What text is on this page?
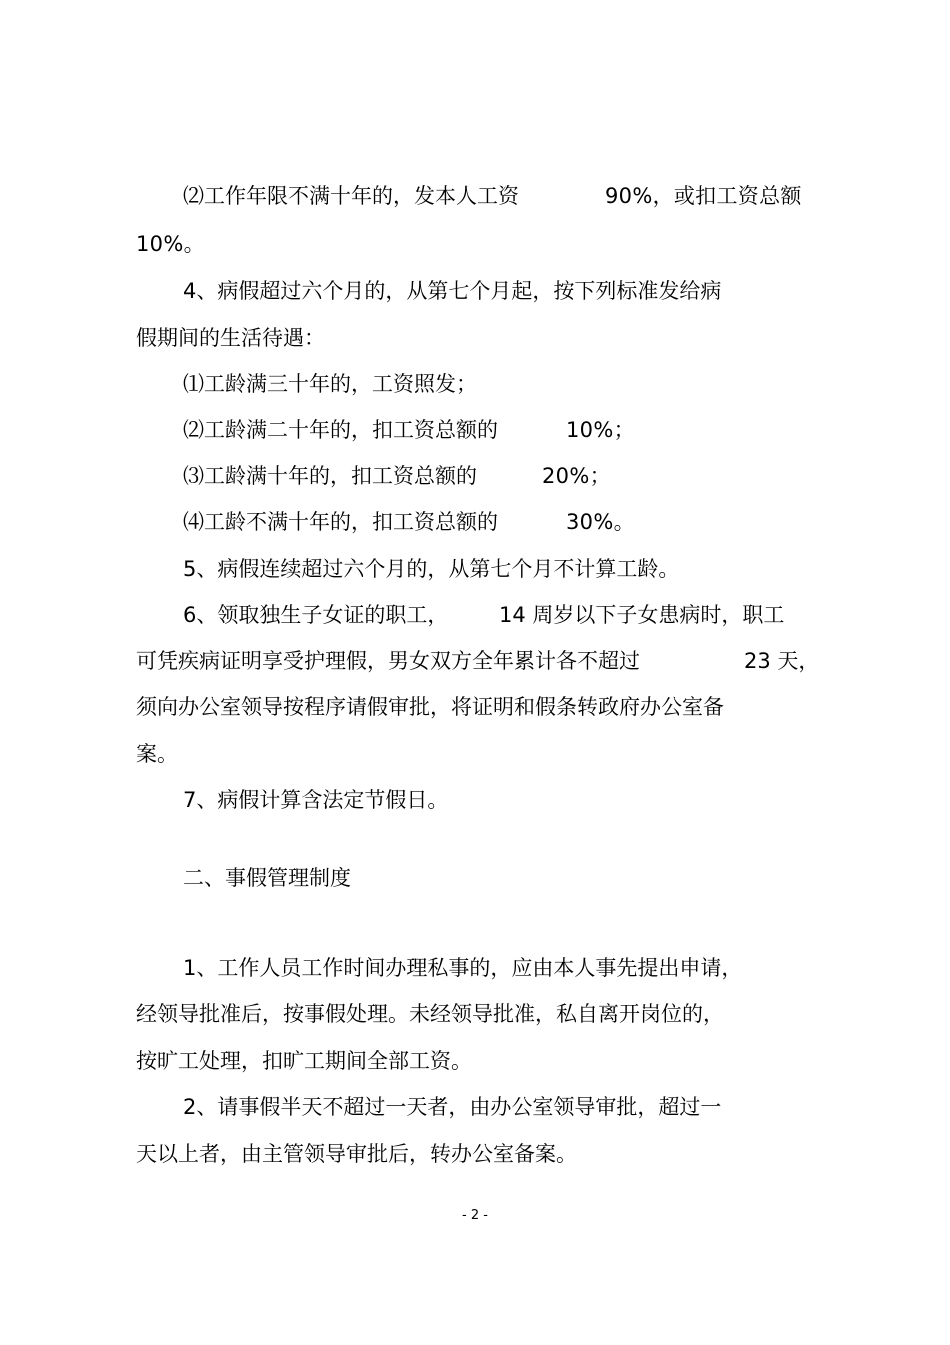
⑵工作年限不满十年的，发本人工资	90%，或扣工资总额
10%。
4、病假超过六个月的，从第七个月起，按下列标准发给病
假期间的生活待遇：
⑴工龄满三十年的，工资照发；
⑵工龄满二十年的，扣工资总额的	10%；
⑶工龄满十年的，扣工资总额的	20%；
⑷工龄不满十年的，扣工资总额的	30%。
5、病假连续超过六个月的，从第七个月不计算工龄。
6、领取独生子女证的职工， 14 周岁以下子女患病时，职工
可凭疾病证明享受护理假，男女双方全年累计各不超过	23 天，
须向办公室领导按程序请假审批，将证明和假条转政府办公室备
案。
7、病假计算含法定节假日。
二、事假管理制度
1、工作人员工作时间办理私事的，应由本人事先提出申请，
经领导批准后，按事假处理。未经领导批准，私自离开岗位的，
按旷工处理，扣旷工期间全部工资。
2、请事假半天不超过一天者，由办公室领导审批，超过一
天以上者，由主管领导审批后，转办公室备案。
- 2 -
